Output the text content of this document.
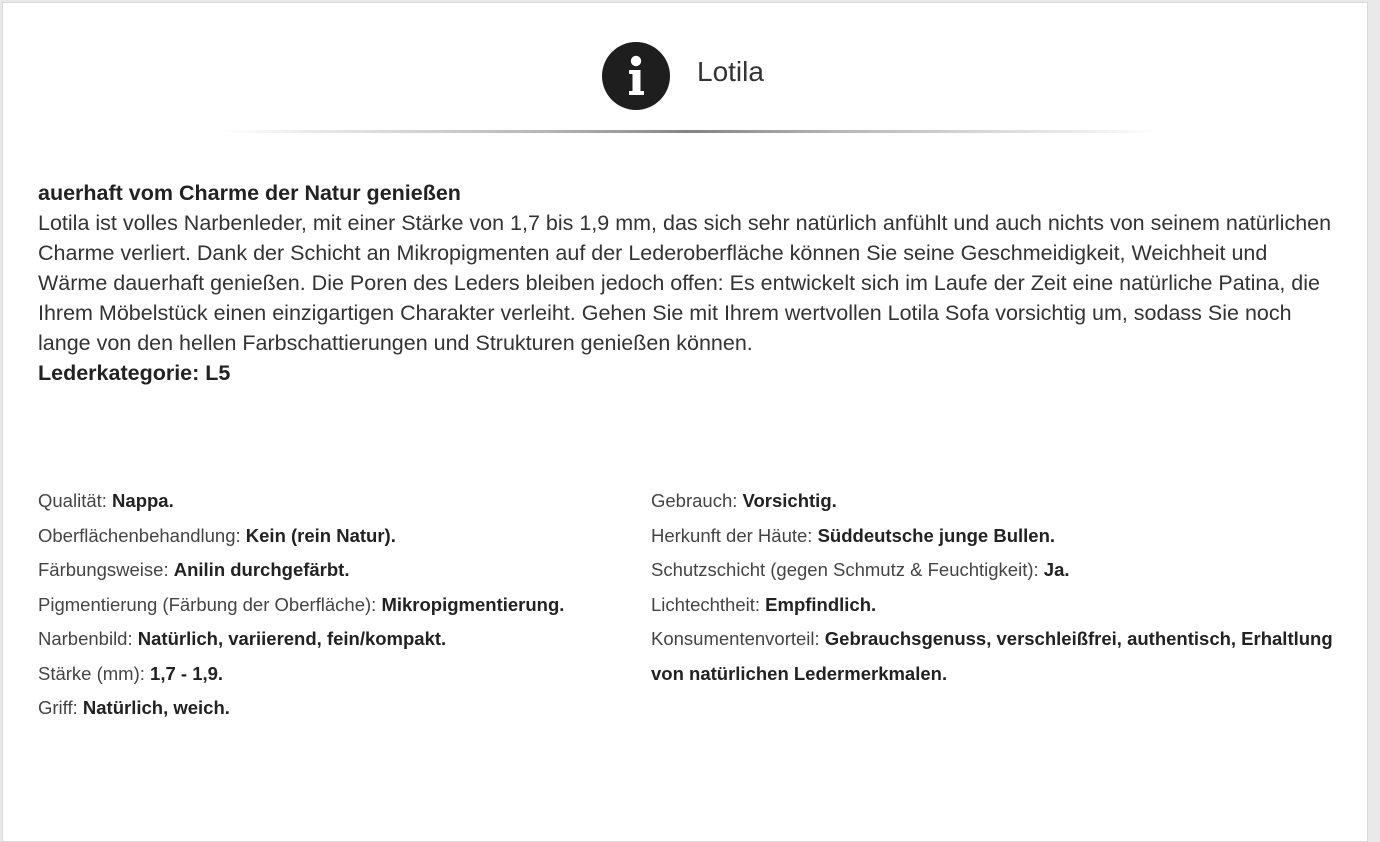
Lotila

auerhaft vom Charme der Natur genießen

Lotila ist volles Narbenleder, mit einer Stärke von 1,7 bis 1,9 mm, das sich sehr natürlich anfühlt und auch nichts von seinem natürlichen Charme verliert. Dank der Schicht an Mikropigmenten auf der Lederoberfläche können Sie seine Geschmeidigkeit, Weichheit und Wärme dauerhaft genießen. Die Poren des Leders bleiben jedoch offen: Es entwickelt sich im Laufe der Zeit eine natürliche Patina, die Ihrem Möbelstück einen einzigartigen Charakter verleiht. Gehen Sie mit Ihrem wertvollen Lotila Sofa vorsichtig um, sodass Sie noch lange von den hellen Farbschattierungen und Strukturen genießen können.

Lederkategorie: L5

Qualität: Nappa.

Oberflächenbehandlung: Kein (rein Natur).

Färbungsweise: Anilin durchgefärbt.

Pigmentierung (Färbung der Oberfläche): Mikropigmentierung.

Narbenbild: Natürlich, variierend, fein/kompakt.

Stärke (mm): 1,7 - 1,9.

Griff: Natürlich, weich.

Gebrauch: Vorsichtig.

Herkunft der Häute: Süddeutsche junge Bullen.

Schutzschicht (gegen Schmutz & Feuchtigkeit): Ja.

Lichtechtheit: Empfindlich.

Konsumentenvorteil: Gebrauchsgenuss, verschleißfrei, authentisch, Erhaltlung von natürlichen Ledermerkmalen.
